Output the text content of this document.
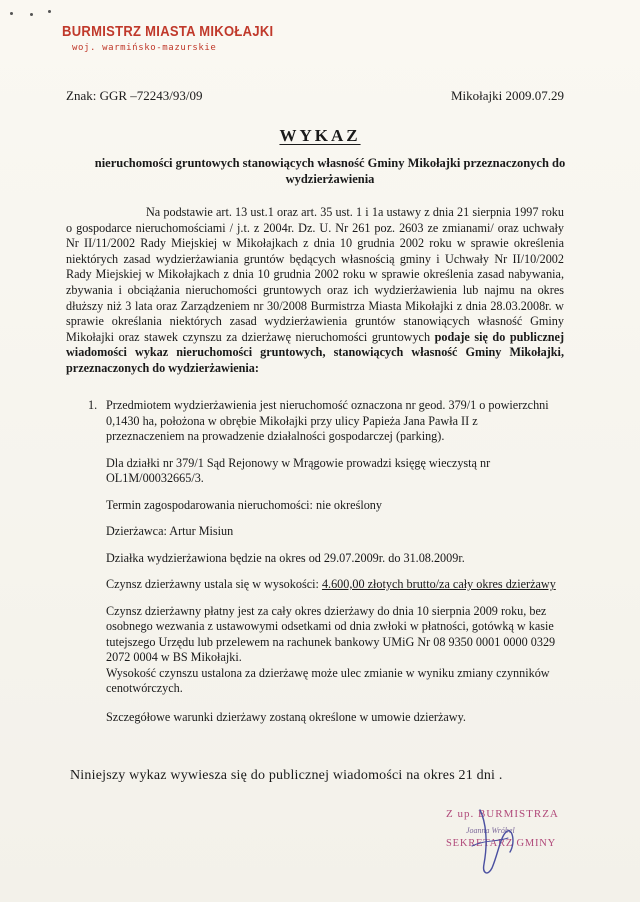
BURMISTRZ MIASTA MIKOŁAJKI
woj. warmińsko-mazurskie
Znak: GGR –72243/93/09	Mikołajki 2009.07.29
WYKAZ
nieruchomości gruntowych stanowiących własność Gminy Mikołajki przeznaczonych do wydzierżawienia
Na podstawie art. 13 ust.1 oraz art. 35 ust. 1 i 1a ustawy z dnia 21 sierpnia 1997 roku o gospodarce nieruchomościami / j.t. z 2004r. Dz. U. Nr 261 poz. 2603 ze zmianami/ oraz uchwały Nr II/11/2002 Rady Miejskiej w Mikołajkach z dnia 10 grudnia 2002 roku w sprawie określenia niektórych zasad wydzierżawiania gruntów będących własnością gminy i Uchwały Nr II/10/2002 Rady Miejskiej w Mikołajkach z dnia 10 grudnia 2002 roku w sprawie określenia zasad nabywania, zbywania i obciążania nieruchomości gruntowych oraz ich wydzierżawienia lub najmu na okres dłuższy niż 3 lata oraz Zarządzeniem nr 30/2008 Burmistrza Miasta Mikołajki z dnia 28.03.2008r. w sprawie określania niektórych zasad wydzierżawienia gruntów stanowiących własność Gminy Mikołajki oraz stawek czynszu za dzierżawę nieruchomości gruntowych podaje się do publicznej wiadomości wykaz nieruchomości gruntowych, stanowiących własność Gminy Mikołajki, przeznaczonych do wydzierżawienia:
1. Przedmiotem wydzierżawienia jest nieruchomość oznaczona nr geod. 379/1 o powierzchni 0,1430 ha, położona w obrębie Mikołajki przy ulicy Papieża Jana Pawła II z przeznaczeniem na prowadzenie działalności gospodarczej (parking).

Dla działki nr 379/1 Sąd Rejonowy w Mrągowie prowadzi księgę wieczystą nr OL1M/00032665/3.

Termin zagospodarowania nieruchomości: nie określony

Dzierżawca: Artur Misiun

Działka wydzierżawiona będzie na okres od 29.07.2009r. do 31.08.2009r.

Czynsz dzierżawny ustala się w wysokości: 4.600,00 złotych brutto/za cały okres dzierżawy

Czynsz dzierżawny płatny jest za cały okres dzierżawy do dnia 10 sierpnia 2009 roku, bez osobnego wezwania z ustawowymi odsetkami od dnia zwłoki w płatności, gotówką w kasie tutejszego Urzędu lub przelewem na rachunek bankowy UMiG Nr 08 9350 0001 0000 0329 2072 0004 w BS Mikołajki.

Wysokość czynszu ustalona za dzierżawę może ulec zmianie w wyniku zmiany czynników cenotwórczych.

Szczegółowe warunki dzierżawy zostaną określone w umowie dzierżawy.

Niniejszy wykaz wywiesza się do publicznej wiadomości na okres 21 dni .
Z up. BURMISTRZA
Joanna Wróbel
SEKRETARZ GMINY
